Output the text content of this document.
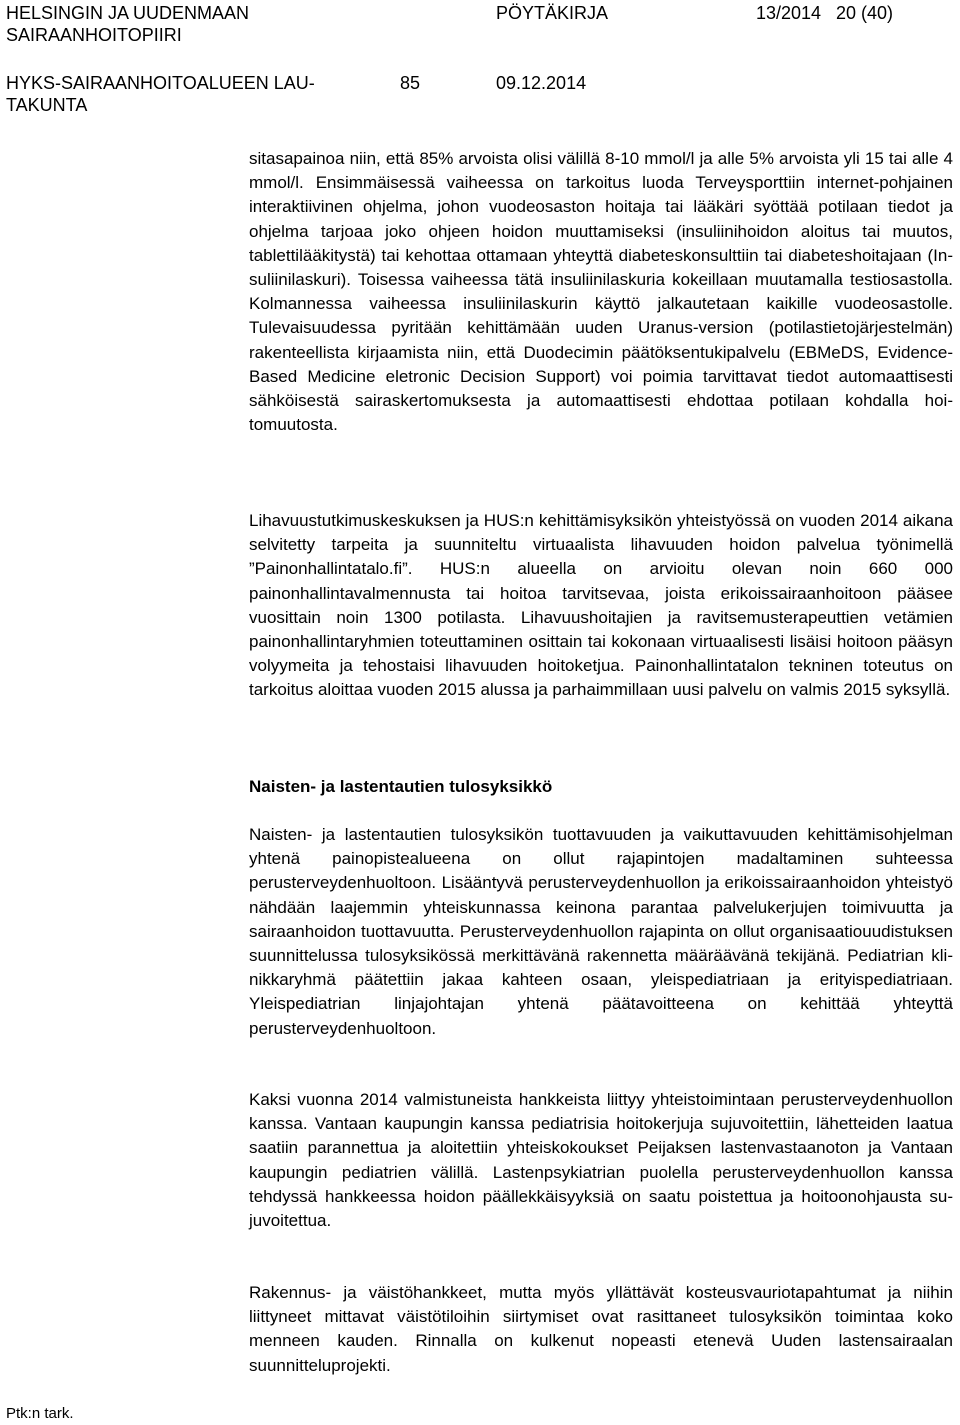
HELSINGIN JA UUDENMAAN
SAIRAANHOITOPIIRI
PÖYTÄKIRJA	13/2014 20 (40)
HYKS-SAIRAANHOITOALUEEN LAU-
TAKUNTA
85	09.12.2014

sitasapainoa niin, että 85% arvoista olisi välillä 8-10 mmol/l ja alle 5% arvoista yli 15 tai alle 4 mmol/l. Ensimmäisessä vaiheessa on tarkoitus luoda Terveysporttiin internet-pohjainen interaktiivinen ohjelma, johon vuodeosaston hoitaja tai lääkäri syöttää potilaan tiedot ja ohjelma tarjoaa joko ohjeen hoidon muuttamiseksi (insuliinihoidon aloitus tai muutos, tablettilääkitystä) tai kehottaa ottamaan yhteyttä diabeteskonsulttiin tai diabeteshoitajaan (Insuliinilaskuri). Toisessa vaiheessa tätä insuliinilaskuria kokeillaan muutamalla testiosastolla. Kolmannessa vaiheessa insuliinilaskurin käyttö jalkautetaan kaikille vuodeosastolle. Tulevaisuudessa pyritään kehittämään uuden Uranus-version (potilastietojärjestelmän) rakenteellista kirjaamista niin, että Duodecimin päätöksentukipalvelu (EBMeDS, Evidence-Based Medicine eletronic Decision Support) voi poimia tarvittavat tiedot automaattisesti sähköisestä sairaskertomuksesta ja automaattisesti ehdottaa potilaan kohdalla hoitomuutosta.

Lihavuustutkimuskeskuksen ja HUS:n kehittämisyksikön yhteistyössä on vuoden 2014 aikana selvitetty tarpeita ja suunniteltu virtuaalista lihavuuden hoidon palvelua työnimellä ”Painonhallintatalo.fi”. HUS:n alueella on arvioitu olevan noin 660 000 painonhallintavalmennusta tai hoitoa tarvitsevaa, joista erikoissairaanhoitoon pääsee vuosittain noin 1300 potilasta. Lihavuushoitajien ja ravitsemusterapeuttien vetämien painonhallintaryhmien toteuttaminen osittain tai kokonaan virtuaalisesti lisäisi hoitoon pääsyn volyymeita ja tehostaisi lihavuuden hoitoketjua. Painonhallintatalon tekninen toteutus on tarkoitus aloittaa vuoden 2015 alussa ja parhaimmillaan uusi palvelu on valmis 2015 syksyllä.

Naisten- ja lastentautien tulosyksikkö

Naisten- ja lastentautien tulosyksikön tuottavuuden ja vaikuttavuuden kehittämisohjelman yhtenä painopistealueena on ollut rajapintojen madaltaminen suhteessa perusterveydenhuoltoon. Lisääntyvä perusterveydenhuollon ja erikoissairaanhoidon yhteistyö nähdään laajemmin yhteiskunnassa keinona parantaa palvelukerjujen toimivuutta ja sairaanhoidon tuottavuutta. Perusterveydenhuollon rajapinta on ollut organisaatiouudistuksen suunnittelussa tulosyksikössä merkittävänä rakennetta määräävänä tekijänä. Pediatrian klinikkaryhmä päätettiin jakaa kahteen osaan, yleispediatriaan ja erityispediatriaan. Yleispediatrian linjajohtajan yhtenä päätavoitteena on kehittää yhteyttä perusterveydenhuoltoon.

Kaksi vuonna 2014 valmistuneista hankkeista liittyy yhteistoimintaan perusterveydenhuollon kanssa. Vantaan kaupungin kanssa pediatrisia hoitokerjuja sujuvoitettiin, lähetteiden laatua saatiin parannettua ja aloitettiin yhteiskokoukset Peijaksen lastenvastaanoton ja Vantaan kaupungin pediatrien välillä. Lastenpsykiatrian puolella perusterveydenhuollon kanssa tehdyssä hankkeessa hoidon päällekkäisyyksiä on saatu poistettua ja hoitoonohjausta sujuvoitettua.

Rakennus- ja väistöhankkeet, mutta myös yllättävät kosteusvauriotapahtumat ja niihin liittyneet mittavat väistötiloihin siirtymiset ovat rasittaneet tulosyksikön toimintaa koko menneen kauden. Rinnalla on kulkenut nopeasti etenevä Uuden lastensairaalan suunnitteluprojekti.

Ptk:n tark.
